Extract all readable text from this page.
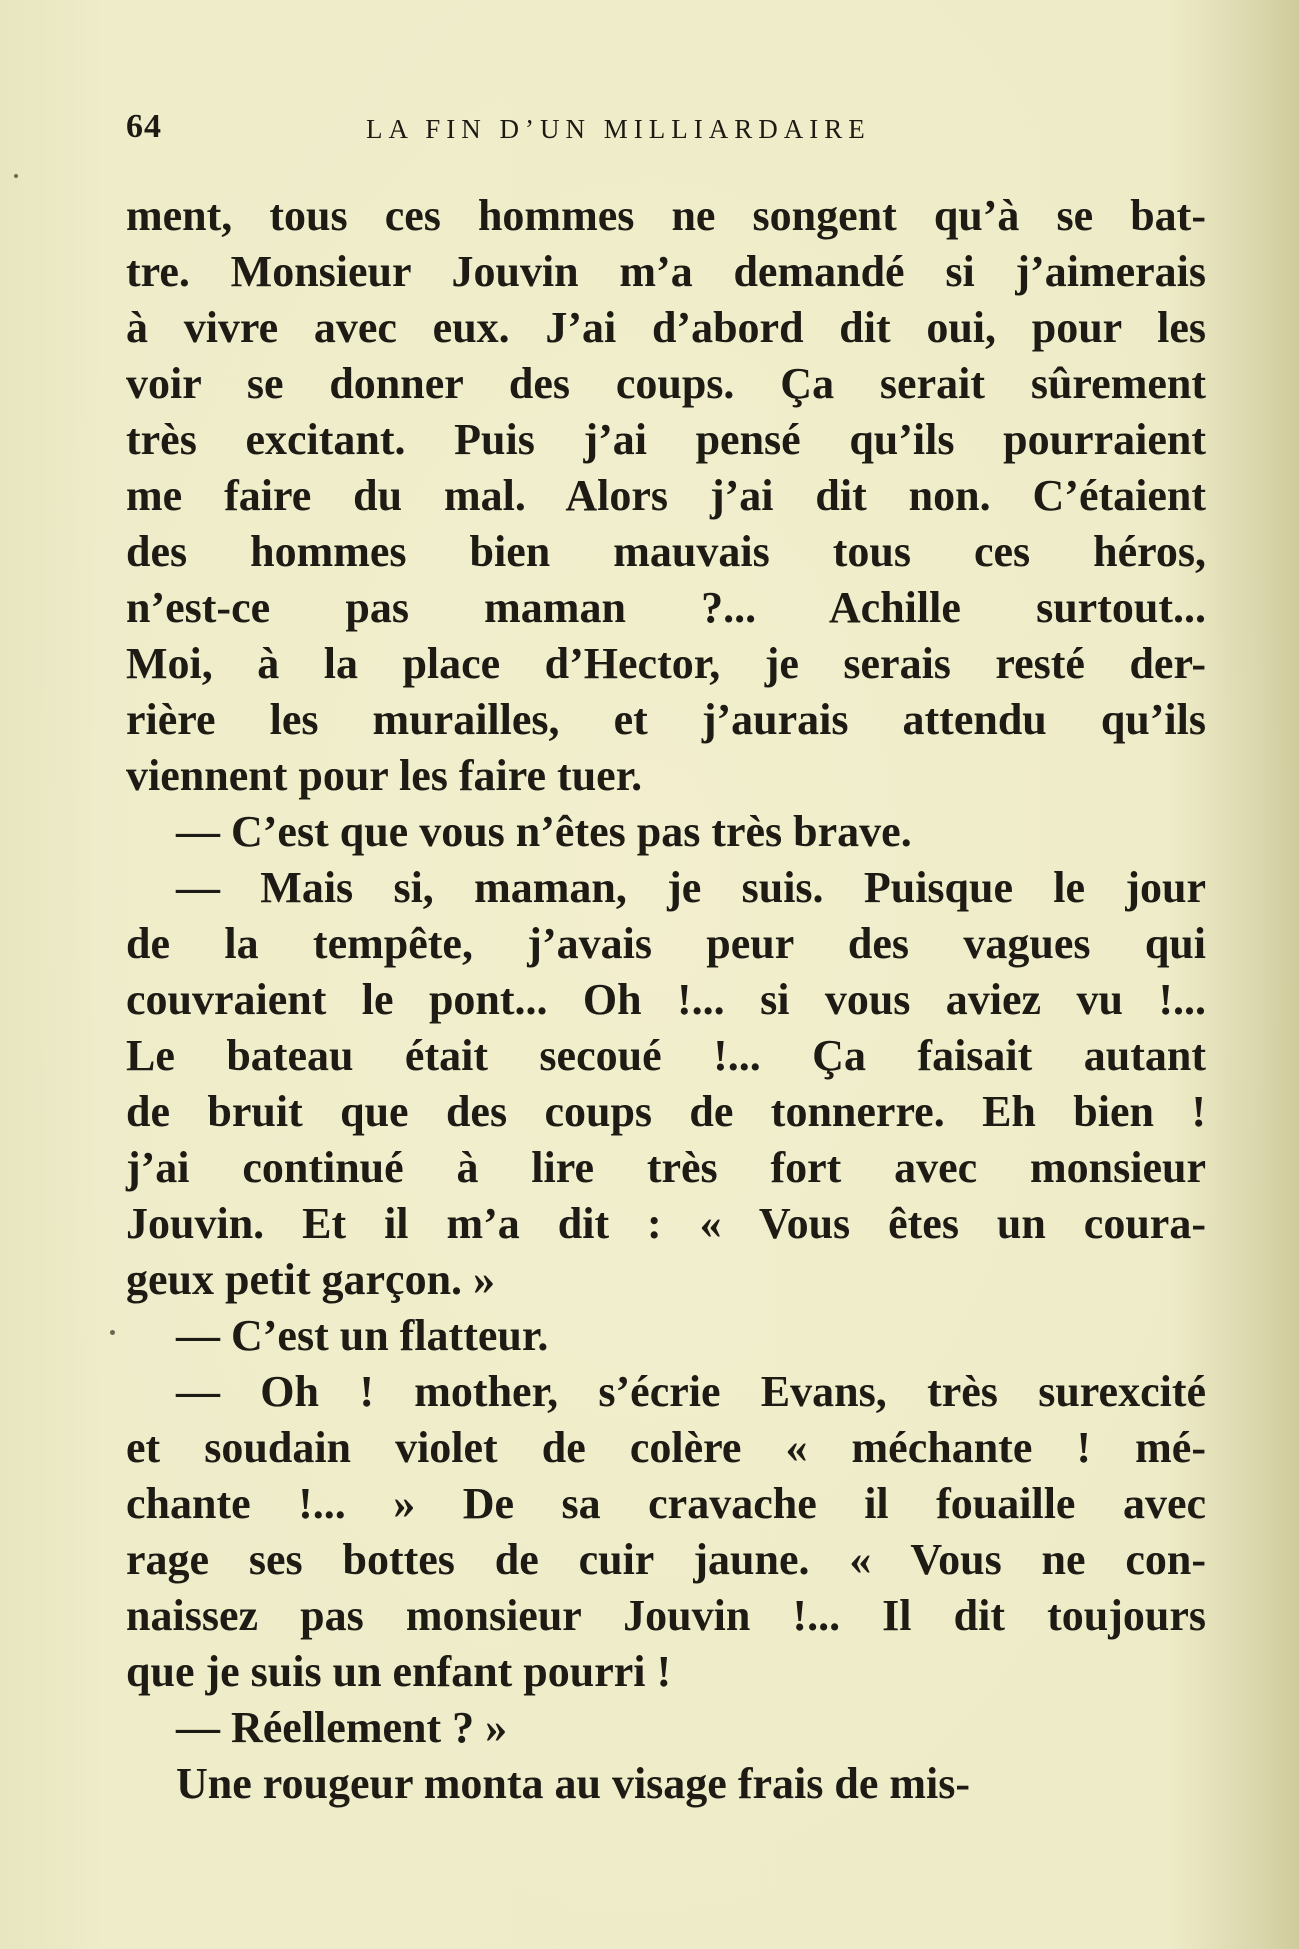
64	LA FIN D’UN MILLIARDAIRE
ment, tous ces hommes ne songent qu’à se bat-
tre. Monsieur Jouvin m’a demandé si j’aimerais
à vivre avec eux. J’ai d’abord dit oui, pour les
voir se donner des coups. Ça serait sûrement
très excitant. Puis j’ai pensé qu’ils pourraient
me faire du mal. Alors j’ai dit non. C’étaient
des hommes bien mauvais tous ces héros,
n’est-ce pas maman ?... Achille surtout...
Moi, à la place d’Hector, je serais resté der-
rière les murailles, et j’aurais attendu qu’ils
viennent pour les faire tuer.
— C’est que vous n’êtes pas très brave.
— Mais si, maman, je suis. Puisque le jour
de la tempête, j’avais peur des vagues qui
couvraient le pont... Oh !... si vous aviez vu !...
Le bateau était secoué !... Ça faisait autant
de bruit que des coups de tonnerre. Eh bien !
j’ai continué à lire très fort avec monsieur
Jouvin. Et il m’a dit : « Vous êtes un coura-
geux petit garçon. »
— C’est un flatteur.
— Oh ! mother, s’écrie Evans, très surexcité
et soudain violet de colère « méchante ! mé-
chante !... » De sa cravache il fouaille avec
rage ses bottes de cuir jaune. « Vous ne con-
naissez pas monsieur Jouvin !... Il dit toujours
que je suis un enfant pourri !
— Réellement ? »
Une rougeur monta au visage frais de mis-
